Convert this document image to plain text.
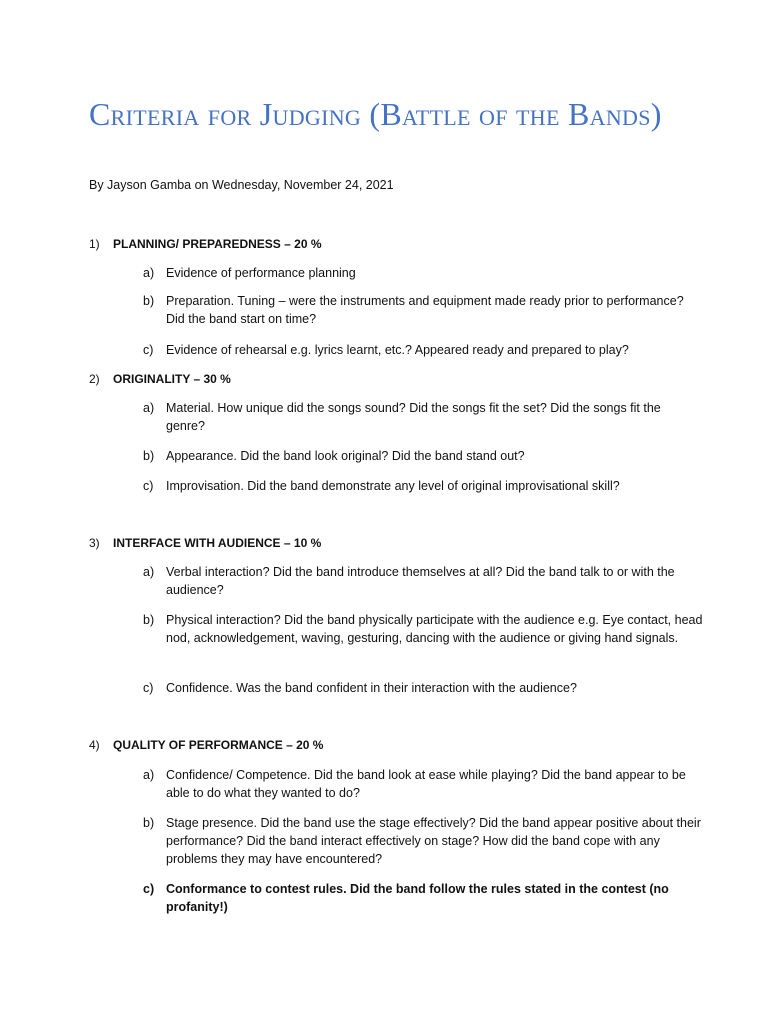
Criteria for Judging (Battle of the Bands)
By Jayson Gamba on Wednesday, November 24, 2021
1) PLANNING/ PREPAREDNESS – 20 %
a) Evidence of performance planning
b) Preparation. Tuning – were the instruments and equipment made ready prior to performance? Did the band start on time?
c) Evidence of rehearsal e.g. lyrics learnt, etc.? Appeared ready and prepared to play?
2) ORIGINALITY – 30 %
a) Material. How unique did the songs sound? Did the songs fit the set? Did the songs fit the genre?
b) Appearance. Did the band look original? Did the band stand out?
c) Improvisation. Did the band demonstrate any level of original improvisational skill?
3) INTERFACE WITH AUDIENCE – 10 %
a) Verbal interaction? Did the band introduce themselves at all? Did the band talk to or with the audience?
b) Physical interaction? Did the band physically participate with the audience e.g. Eye contact, head nod, acknowledgement, waving, gesturing, dancing with the audience or giving hand signals.
c) Confidence. Was the band confident in their interaction with the audience?
4) QUALITY OF PERFORMANCE – 20 %
a) Confidence/ Competence. Did the band look at ease while playing? Did the band appear to be able to do what they wanted to do?
b) Stage presence. Did the band use the stage effectively? Did the band appear positive about their performance? Did the band interact effectively on stage? How did the band cope with any problems they may have encountered?
c) Conformance to contest rules. Did the band follow the rules stated in the contest (no profanity!)
